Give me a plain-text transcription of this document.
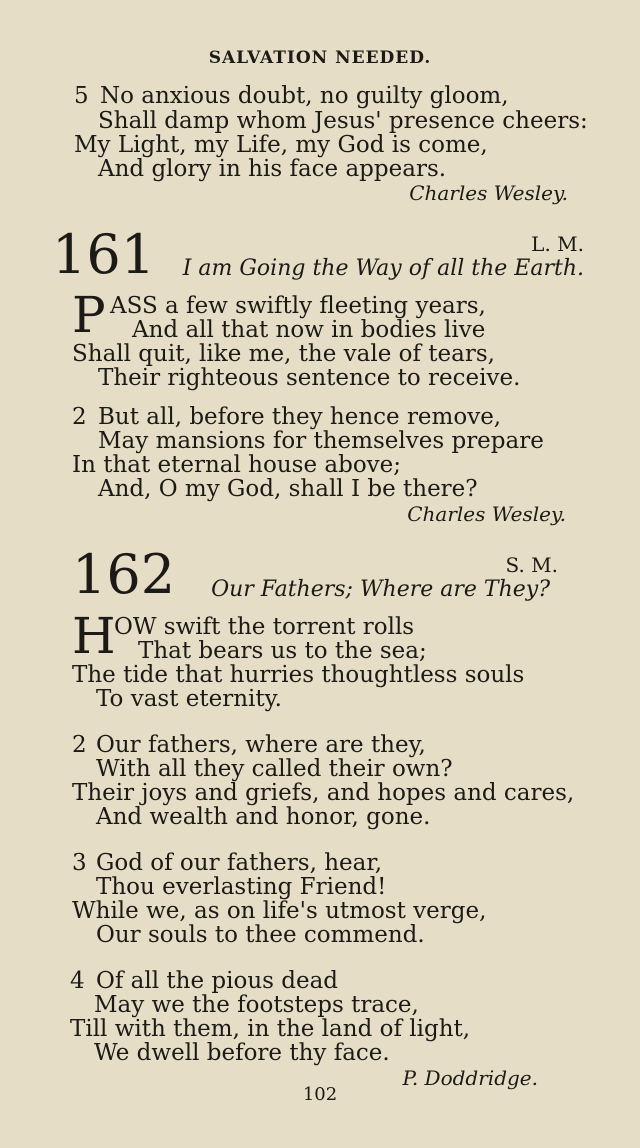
SALVATION NEEDED.
5 No anxious doubt, no guilty gloom,
Shall damp whom Jesus' presence cheers:
My Light, my Life, my God is come,
And glory in his face appears.
Charles Wesley.
161	L. M.
I am Going the Way of all the Earth.
P ASS a few swiftly fleeting years,
And all that now in bodies live
Shall quit, like me, the vale of tears,
Their righteous sentence to receive.
2 But all, before they hence remove,
May mansions for themselves prepare
In that eternal house above;
And, O my God, shall I be there?
Charles Wesley.
162	S. M.
Our Fathers; Where are They?
H
OW swift the torrent rolls
That bears us to the sea;
The tide that hurries thoughtless souls
To vast eternity.
2 Our fathers, where are they,
With all they called their own?
Their joys and griefs, and hopes and cares,
And wealth and honor, gone.
3 God of our fathers, hear,
Thou everlasting Friend!
While we, as on life's utmost verge,
Our souls to thee commend.
4 Of all the pious dead
May we the footsteps trace,
Till with them, in the land of light,
We dwell before thy face.
P. Doddridge.
102
